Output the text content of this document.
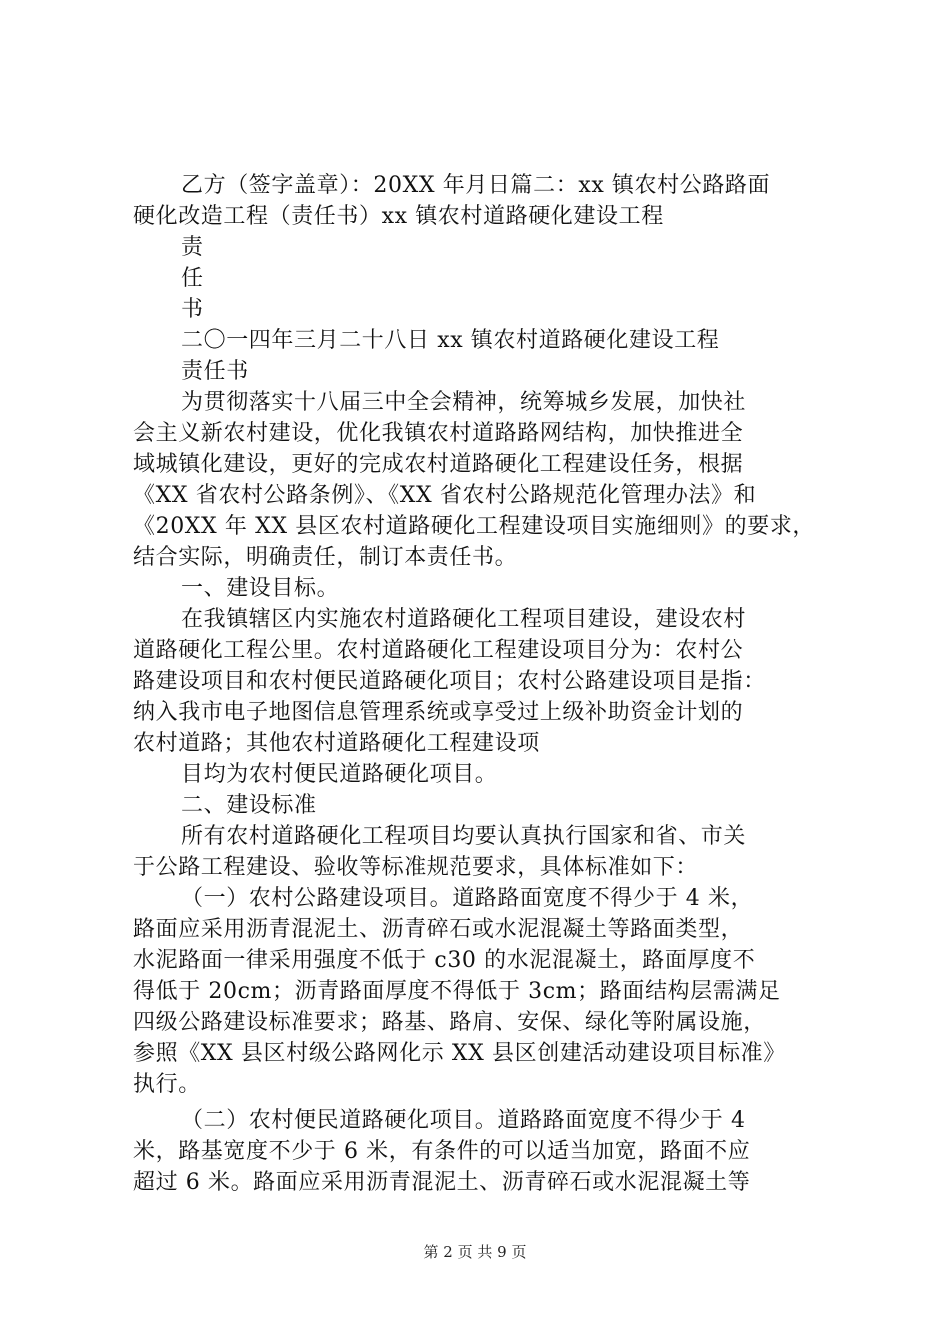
乙方（签字盖章）：20XX 年月日篇二：xx 镇农村公路路面
硬化改造工程（责任书）xx 镇农村道路硬化建设工程
责
任
书
二〇一四年三月二十八日 xx 镇农村道路硬化建设工程
责任书
为贯彻落实十八届三中全会精神，统筹城乡发展，加快社
会主义新农村建设，优化我镇农村道路路网结构，加快推进全
域城镇化建设，更好的完成农村道路硬化工程建设任务，根据
《XX 省农村公路条例》、《XX 省农村公路规范化管理办法》和
《20XX 年 XX 县区农村道路硬化工程建设项目实施细则》的要求，
结合实际，明确责任，制订本责任书。
一、建设目标。
在我镇辖区内实施农村道路硬化工程项目建设，建设农村
道路硬化工程公里。农村道路硬化工程建设项目分为：农村公
路建设项目和农村便民道路硬化项目；农村公路建设项目是指：
纳入我市电子地图信息管理系统或享受过上级补助资金计划的
农村道路；其他农村道路硬化工程建设项
目均为农村便民道路硬化项目。
二、建设标准
所有农村道路硬化工程项目均要认真执行国家和省、市关
于公路工程建设、验收等标准规范要求，具体标准如下：
（一）农村公路建设项目。道路路面宽度不得少于 4 米，
路面应采用沥青混泥土、沥青碎石或水泥混凝土等路面类型，
水泥路面一律采用强度不低于 c30 的水泥混凝土，路面厚度不
得低于 20cm；沥青路面厚度不得低于 3cm；路面结构层需满足
四级公路建设标准要求；路基、路肩、安保、绿化等附属设施，
参照《XX 县区村级公路网化示 XX 县区创建活动建设项目标准》
执行。
（二）农村便民道路硬化项目。道路路面宽度不得少于 4
米，路基宽度不少于 6 米，有条件的可以适当加宽，路面不应
超过 6 米。路面应采用沥青混泥土、沥青碎石或水泥混凝土等
第 2 页 共 9 页
